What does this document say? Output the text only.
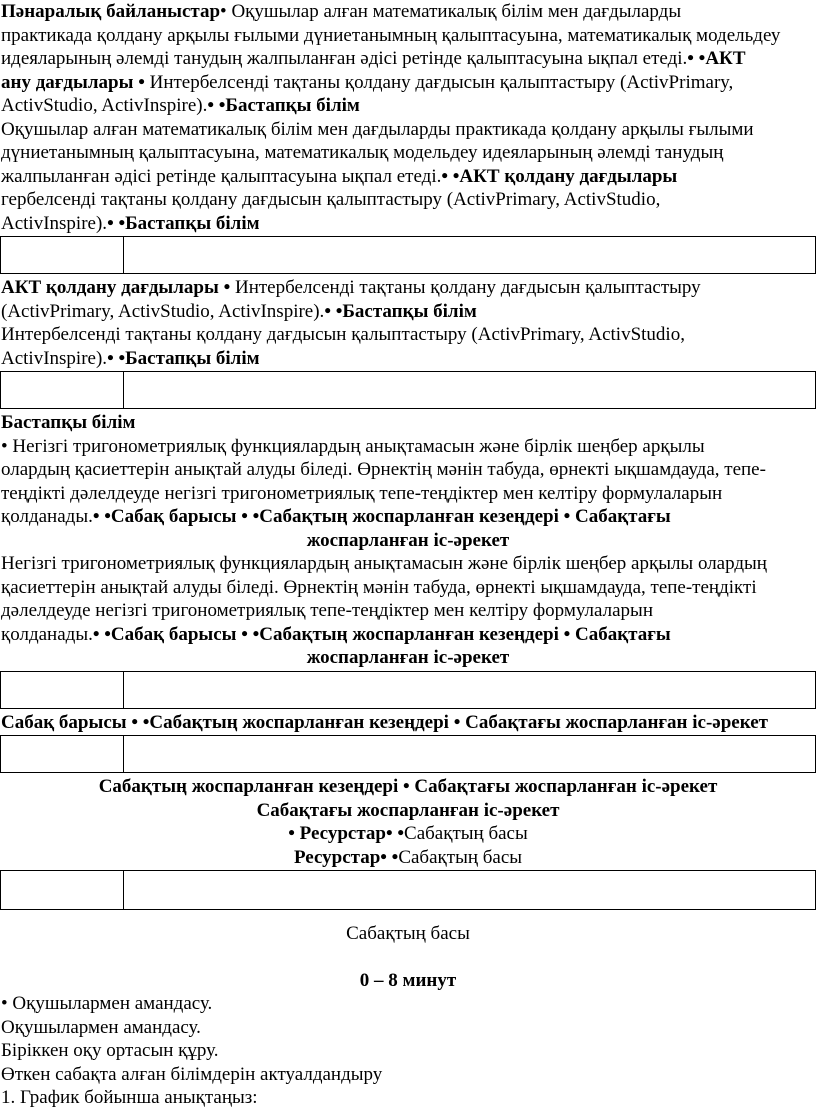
Пәнаралық байланыстар• Оқушылар алған математикалық білім мен дағдыларды

практикада қолдану арқылы ғылыми дүниетанымның қалыптасуына, математикалық модельдеу

идеяларының әлемді танудың жалпыланған әдісі ретінде қалыптасуына ықпал етеді.• •АКТ

ану дағдылары • Интербелсенді тақтаны қолдану дағдысын қалыптастыру (ActivPrimary,

ActivStudio, ActivInspire).• •Бастапқы білім

Оқушылар алған математикалық білім мен дағдыларды практикада қолдану арқылы ғылыми

дүниетанымның қалыптасуына, математикалық модельдеу идеяларының әлемді танудың

жалпыланған әдісі ретінде қалыптасуына ықпал етеді.• •АКТ қолдану дағдылары

гербелсенді тақтаны қолдану дағдысын қалыптастыру (ActivPrimary, ActivStudio,

ActivInspire).• •Бастапқы білім

АКТ қолдану дағдылары • Интербелсенді тақтаны қолдану дағдысын қалыптастыру

(ActivPrimary, ActivStudio, ActivInspire).• •Бастапқы білім

Интербелсенді тақтаны қолдану дағдысын қалыптастыру (ActivPrimary, ActivStudio,

ActivInspire).• •Бастапқы білім

Бастапқы білім

• Негізгі тригонометриялық функциялардың анықтамасын және бірлік шеңбер арқылы

олардың қасиеттерін анықтай алуды біледі. Өрнектің мәнін табуда, өрнекті ықшамдауда, тепе-

теңдікті дәлелдеуде негізгі тригонометриялық тепе-теңдіктер мен келтіру формулаларын

қолданады.• •Сабақ барысы • •Сабақтың жоспарланған кезеңдері • Сабақтағы

жоспарланған іс-әрекет

Негізгі тригонометриялық функциялардың анықтамасын және бірлік шеңбер арқылы олардың

қасиеттерін анықтай алуды біледі. Өрнектің мәнін табуда, өрнекті ықшамдауда, тепе-теңдікті

дәлелдеуде негізгі тригонометриялық тепе-теңдіктер мен келтіру формулаларын

қолданады.• •Сабақ барысы • •Сабақтың жоспарланған кезеңдері • Сабақтағы

жоспарланған іс-әрекет

Сабақ барысы • •Сабақтың жоспарланған кезеңдері • Сабақтағы жоспарланған іс-әрекет

Сабақтың жоспарланған кезеңдері • Сабақтағы жоспарланған іс-әрекет

Сабақтағы жоспарланған іс-әрекет

• Ресурстар• •Сабақтың басы

Ресурстар• •Сабақтың басы

Сабақтың басы

0 – 8 минут

• Оқушылармен амандасу.

Оқушылармен амандасу.

Біріккен оқу ортасын құру.

Өткен сабақта алған білімдерін актуалдандыру

1. График бойынша анықтаңыз:
